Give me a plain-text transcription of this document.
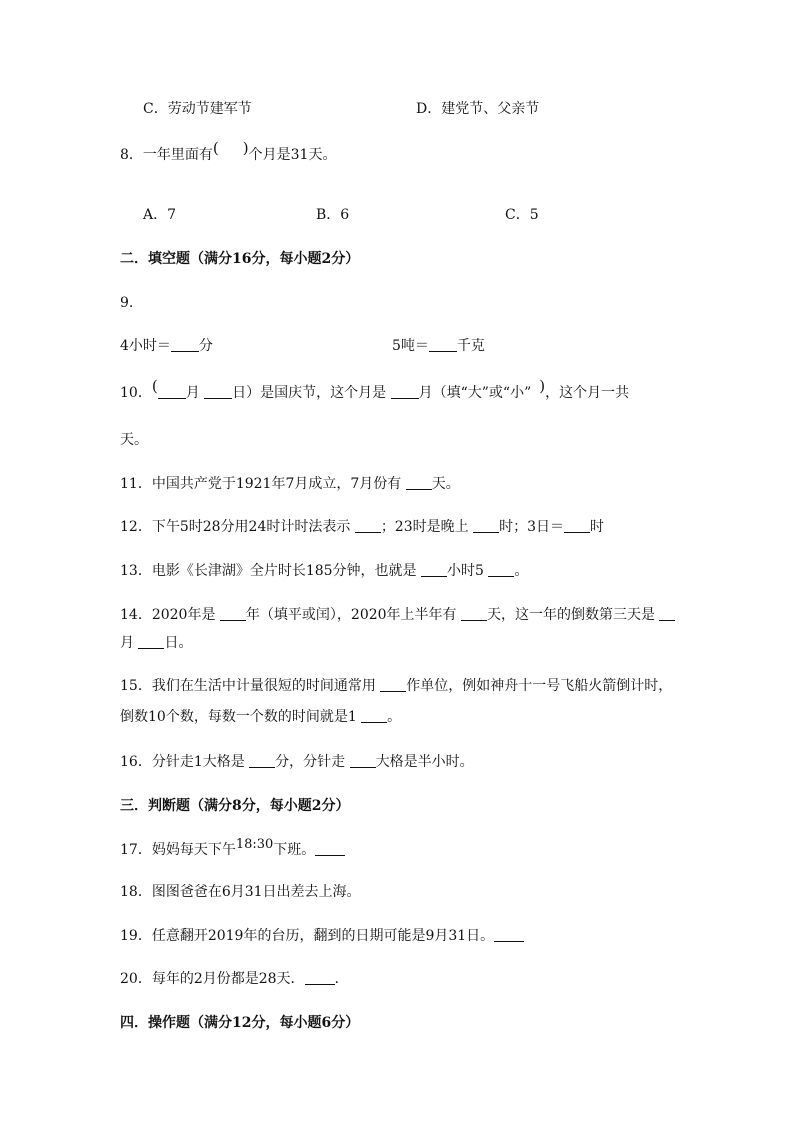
C．劳动节建军节	D．建党节、父亲节
8．一年里面有( )个月是31天。
A．7	B．6	C．5
二．填空题（满分16分，每小题2分）
9.
4小时＝ 分	5吨＝ 千克
10．( 月 日）是国庆节，这个月是 月（填“大”或“小” )，这个月一共
天。
11．中国共产党于1921年7月成立，7月份有 天。
12．下午5时28分用24时计时法表示 ；23时是晚上 时；3日＝ 时
13．电影《长津湖》全片时长185分钟，也就是 小时5 。
14．2020年是 年（填平或闰），2020年上半年有 天，这一年的倒数第三天是
月 日。
15．我们在生活中计量很短的时间通常用 作单位，例如神舟十一号飞船火箭倒计时，
倒数10个数，每数一个数的时间就是1 。
16．分针走1大格是 分，分针走 大格是半小时。
三．判断题（满分8分，每小题2分）
17．妈妈每天下午18:30下班。
18．图图爸爸在6月31日出差去上海。
19．任意翻开2019年的台历，翻到的日期可能是9月31日。
20．每年的2月份都是28天． .
四．操作题（满分12分，每小题6分）
